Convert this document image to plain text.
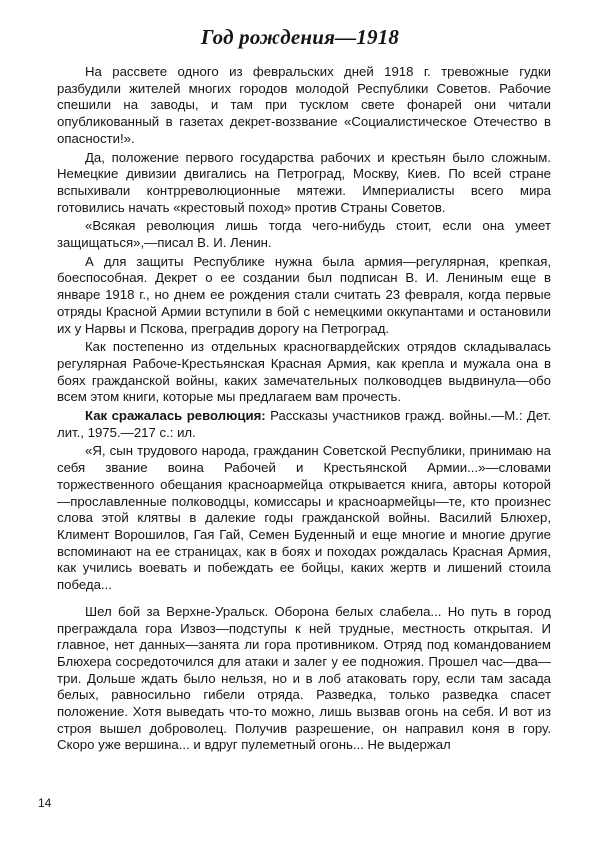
Год рождения—1918

На рассвете одного из февральских дней 1918 г. тревожные гудки разбудили жителей многих городов молодой Республики Советов. Рабочие спешили на заводы, и там при тусклом свете фонарей они читали опубликованный в газетах декрет-воззвание «Социалистическое Отечество в опасности!».

Да, положение первого государства рабочих и крестьян было сложным. Немецкие дивизии двигались на Петроград, Москву, Киев. По всей стране вспыхивали контрреволюционные мятежи. Империалисты всего мира готовились начать «крестовый поход» против Страны Советов.

«Всякая революция лишь тогда чего-нибудь стоит, если она умеет защищаться»,—писал В. И. Ленин.

А для защиты Республике нужна была армия—регулярная, крепкая, боеспособная. Декрет о ее создании был подписан В. И. Лениным еще в январе 1918 г., но днем ее рождения стали считать 23 февраля, когда первые отряды Красной Армии вступили в бой с немецкими оккупантами и остановили их у Нарвы и Пскова, преградив дорогу на Петроград.

Как постепенно из отдельных красногвардейских отрядов складывалась регулярная Рабоче-Крестьянская Красная Армия, как крепла и мужала она в боях гражданской войны, каких замечательных полководцев выдвинула—обо всем этом книги, которые мы предлагаем вам прочесть.

Как сражалась революция: Рассказы участников гражд. войны.—М.: Дет. лит., 1975.—217 с.: ил.

«Я, сын трудового народа, гражданин Советской Республики, принимаю на себя звание воина Рабочей и Крестьянской Армии...»—словами торжественного обещания красноармейца открывается книга, авторы которой—прославленные полководцы, комиссары и красноармейцы—те, кто произнес слова этой клятвы в далекие годы гражданской войны. Василий Блюхер, Климент Ворошилов, Гая Гай, Семен Буденный и еще многие и многие другие вспоминают на ее страницах, как в боях и походах рождалась Красная Армия, как учились воевать и побеждать ее бойцы, каких жертв и лишений стоила победа...

Шел бой за Верхне-Уральск. Оборона белых слабела... Но путь в город преграждала гора Извоз—подступы к ней трудные, местность открытая. И главное, нет данных—занята ли гора противником. Отряд под командованием Блюхера сосредоточился для атаки и залег у ее подножия. Прошел час—два—три. Дольше ждать было нельзя, но и в лоб атаковать гору, если там засада белых, равносильно гибели отряда. Разведка, только разведка спасет положение. Хотя выведать что-то можно, лишь вызвав огонь на себя. И вот из строя вышел доброволец. Получив разрешение, он направил коня в гору. Скоро уже вершина... и вдруг пулеметный огонь... Не выдержал

14
